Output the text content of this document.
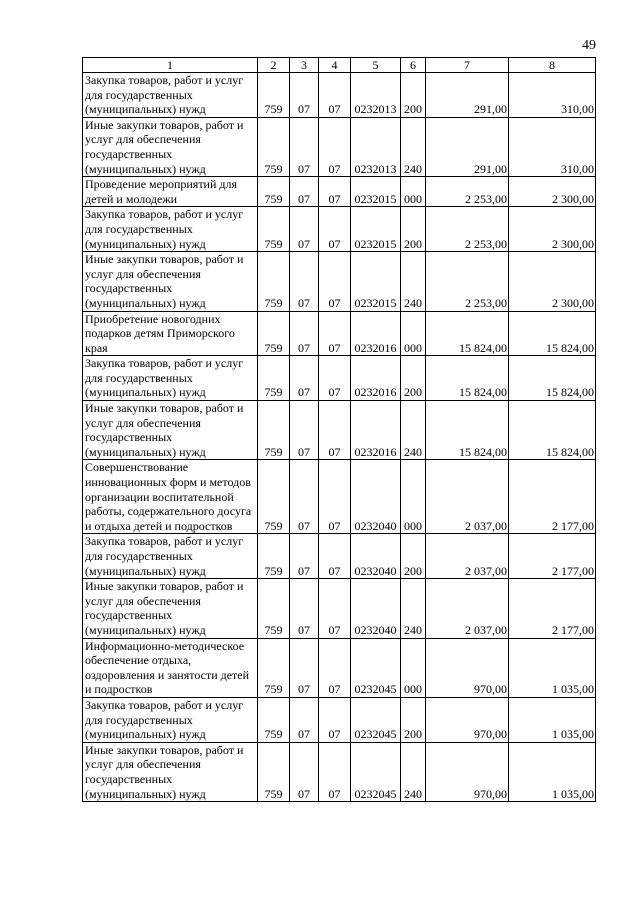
49
1	2	3	4	5	6	7	8
Закупка товаров, работ и услуг для государственных (муниципальных) нужд	759	07	07	0232013	200	291,00	310,00
Иные закупки товаров, работ и услуг для обеспечения государственных (муниципальных) нужд	759	07	07	0232013	240	291,00	310,00
Проведение мероприятий для детей и молодежи	759	07	07	0232015	000	2 253,00	2 300,00
Закупка товаров, работ и услуг для государственных (муниципальных) нужд	759	07	07	0232015	200	2 253,00	2 300,00
Иные закупки товаров, работ и услуг для обеспечения государственных (муниципальных) нужд	759	07	07	0232015	240	2 253,00	2 300,00
Приобретение новогодних подарков детям Приморского края	759	07	07	0232016	000	15 824,00	15 824,00
Закупка товаров, работ и услуг для государственных (муниципальных) нужд	759	07	07	0232016	200	15 824,00	15 824,00
Иные закупки товаров, работ и услуг для обеспечения государственных (муниципальных) нужд	759	07	07	0232016	240	15 824,00	15 824,00
Совершенствование инновационных форм и методов организации воспитательной работы, содержательного досуга и отдыха детей и подростков	759	07	07	0232040	000	2 037,00	2 177,00
Закупка товаров, работ и услуг для государственных (муниципальных) нужд	759	07	07	0232040	200	2 037,00	2 177,00
Иные закупки товаров, работ и услуг для обеспечения государственных (муниципальных) нужд	759	07	07	0232040	240	2 037,00	2 177,00
Информационно-методическое обеспечение отдыха, оздоровления и занятости детей и подростков	759	07	07	0232045	000	970,00	1 035,00
Закупка товаров, работ и услуг для государственных (муниципальных) нужд	759	07	07	0232045	200	970,00	1 035,00
Иные закупки товаров, работ и услуг для обеспечения государственных (муниципальных) нужд	759	07	07	0232045	240	970,00	1 035,00
